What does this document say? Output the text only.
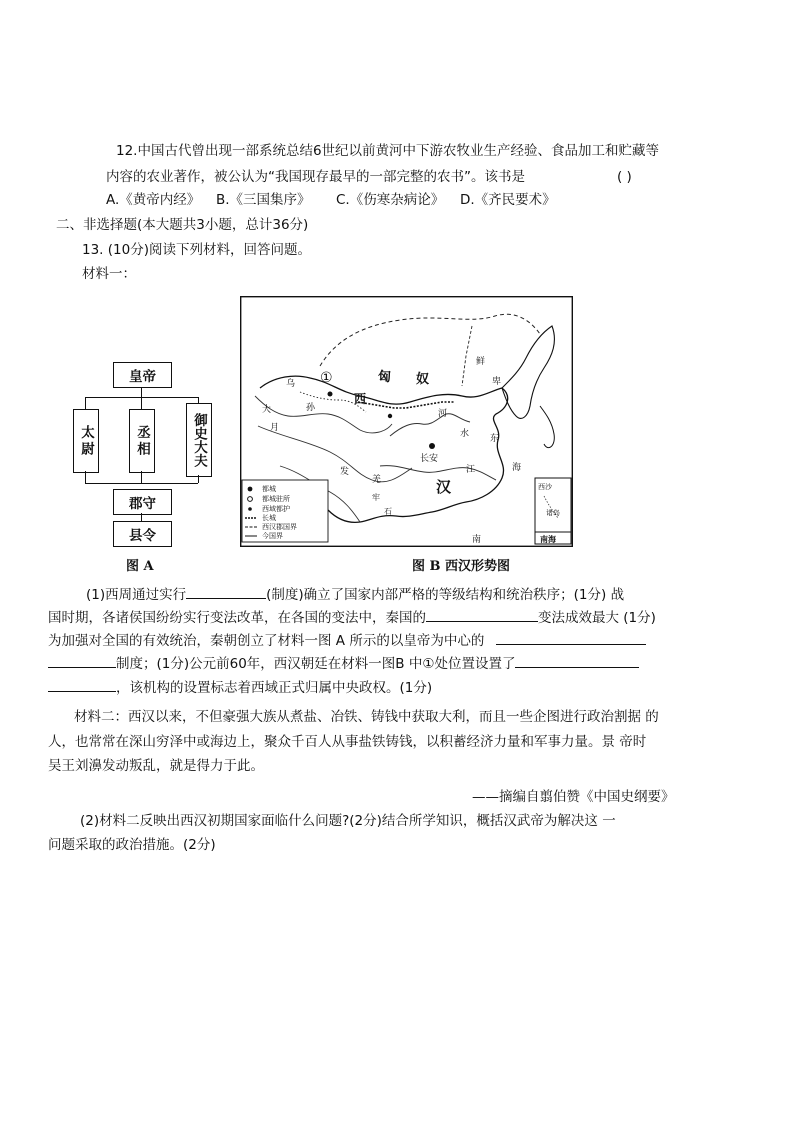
12.中国古代曾出现一部系统总结6世纪以前黄河中下游农牧业生产经验、食品加工和贮藏等
内容的农业著作，被公认为“我国现存最早的一部完整的农书”。该书是	( )
A.《黄帝内经》 B.《三国集序》 C.《伤寒杂病论》 D.《齐民要术》
二、非选择题(本大题共3小题，总计36分)
13. (10分)阅读下列材料，回答问题。
材料一：
皇帝
太尉	丞相	御史大夫
郡守
县令
图 A
匈 奴
西
汉
长安
①
东
海
南
鲜
卑
河
水
江
乌
孙
大
月
发
羌
牢
石
西沙
诸岛
南海
都城
都城驻所
西域都护
长城
西汉郡国界
今国界
图 B 西汉形势图
(1)西周通过实行	(制度)确立了国家内部严格的等级结构和统治秩序；(1分) 战
国时期，各诸侯国纷纷实行变法改革，在各国的变法中，秦国的	变法成效最大 (1分)
为加强对全国的有效统治，秦朝创立了材料一图 A 所示的以皇帝为中心的
制度；(1分)公元前60年，西汉朝廷在材料一图B 中①处位置设置了
，该机构的设置标志着西域正式归属中央政权。(1分)
材料二：西汉以来，不但豪强大族从煮盐、冶铁、铸钱中获取大利，而且一些企图进行政治割据 的
人，也常常在深山穷泽中或海边上，聚众千百人从事盐铁铸钱，以积蓄经济力量和军事力量。景 帝时
吴王刘濞发动叛乱，就是得力于此。
——摘编自翦伯赞《中国史纲要》
(2)材料二反映出西汉初期国家面临什么问题?(2分)结合所学知识，概括汉武帝为解决这 一
问题采取的政治措施。(2分)
